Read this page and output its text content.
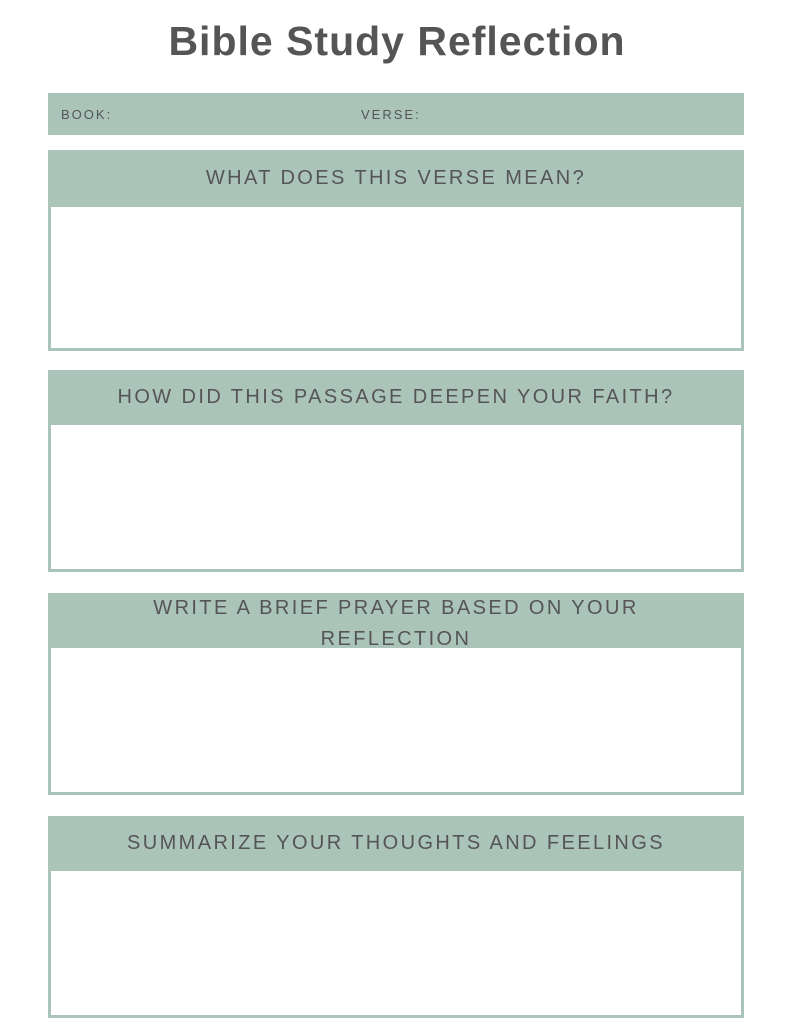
Bible Study Reflection
BOOK:	VERSE:
WHAT DOES THIS VERSE MEAN?
HOW DID THIS PASSAGE DEEPEN YOUR FAITH?
WRITE A BRIEF PRAYER BASED ON YOUR REFLECTION
SUMMARIZE YOUR THOUGHTS AND FEELINGS
